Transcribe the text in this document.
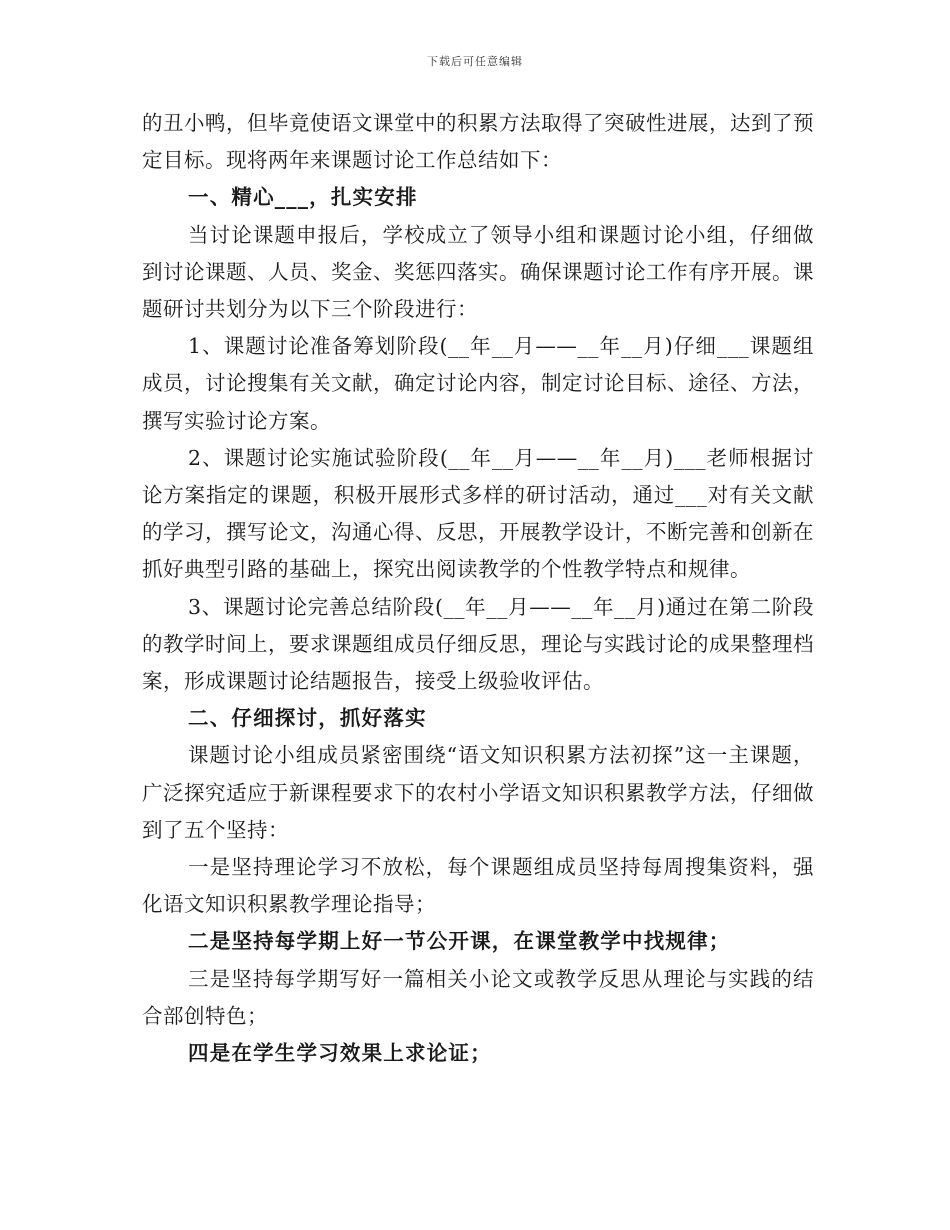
下载后可任意编辑

的丑小鸭，但毕竟使语文课堂中的积累方法取得了突破性进展，达到了预定目标。现将两年来课题讨论工作总结如下：

一、精心___，扎实安排

当讨论课题申报后，学校成立了领导小组和课题讨论小组，仔细做到讨论课题、人员、奖金、奖惩四落实。确保课题讨论工作有序开展。课题研讨共划分为以下三个阶段进行：

1、课题讨论准备筹划阶段(__年__月——__年__月)仔细___课题组成员，讨论搜集有关文献，确定讨论内容，制定讨论目标、途径、方法，撰写实验讨论方案。

2、课题讨论实施试验阶段(__年__月——__年__月)___老师根据讨论方案指定的课题，积极开展形式多样的研讨活动，通过___对有关文献的学习，撰写论文，沟通心得、反思，开展教学设计，不断完善和创新在抓好典型引路的基础上，探究出阅读教学的个性教学特点和规律。

3、课题讨论完善总结阶段(__年__月——__年__月)通过在第二阶段的教学时间上，要求课题组成员仔细反思，理论与实践讨论的成果整理档案，形成课题讨论结题报告，接受上级验收评估。

二、仔细探讨，抓好落实

课题讨论小组成员紧密围绕“语文知识积累方法初探”这一主课题，广泛探究适应于新课程要求下的农村小学语文知识积累教学方法，仔细做到了五个坚持：

一是坚持理论学习不放松，每个课题组成员坚持每周搜集资料，强化语文知识积累教学理论指导；

二是坚持每学期上好一节公开课，在课堂教学中找规律；

三是坚持每学期写好一篇相关小论文或教学反思从理论与实践的结合部创特色；

四是在学生学习效果上求论证；
